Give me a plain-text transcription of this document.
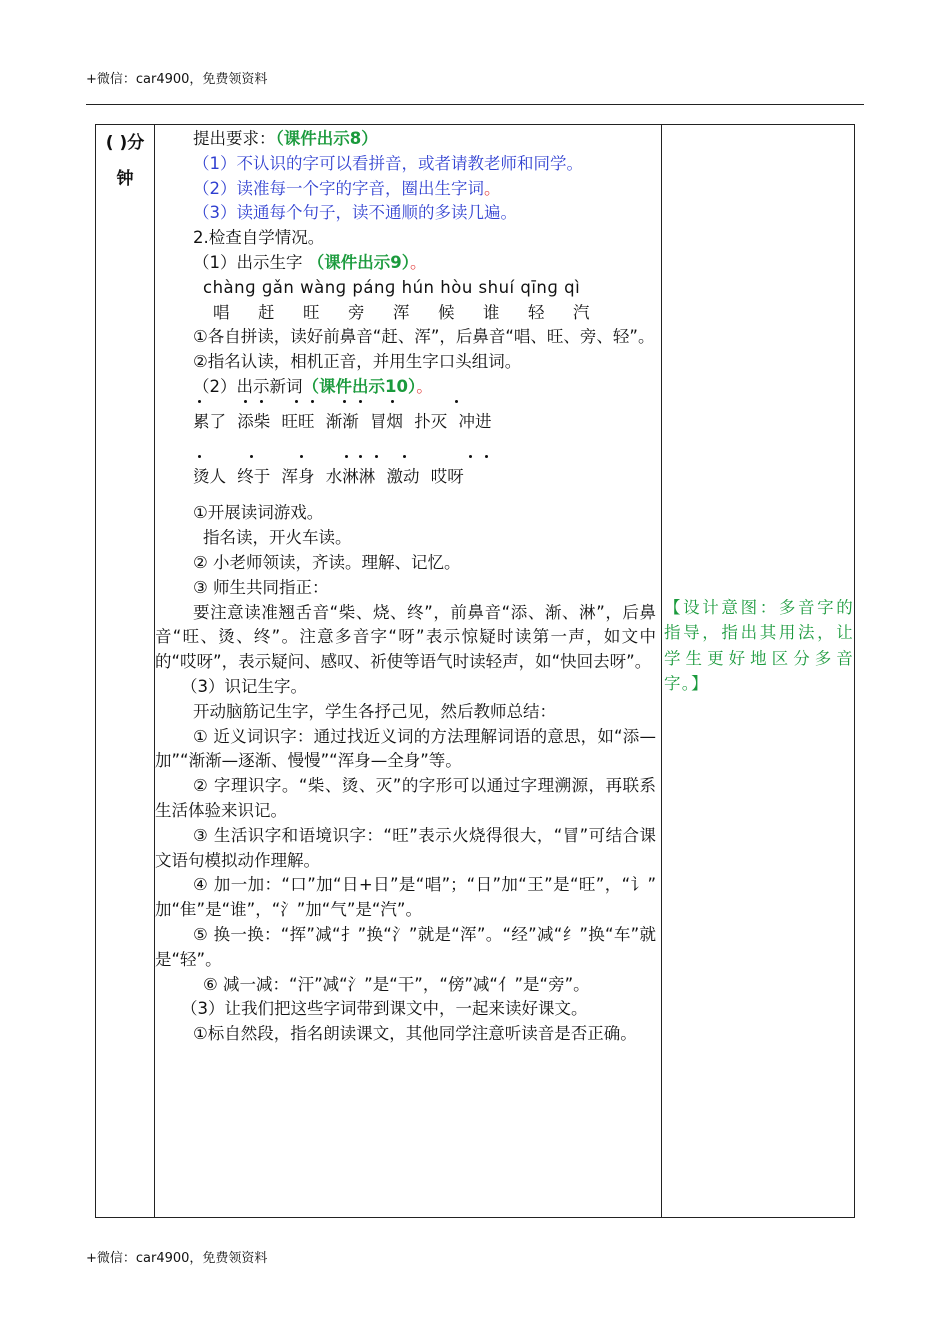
+微信：car4900，免费领资料
( )分
钟

提出要求：（课件出示8）

（1）不认识的字可以看拼音，或者请教老师和同学。

（2）读准每一个字的字音，圈出生字词。

（3）读通每个句子，读不通顺的多读几遍。

2.检查自学情况。

（1）出示生字 （课件出示9）。

chànɡ ɡǎn wànɡ pánɡ hún hòu shuí qīnɡ qì

唱 赶 旺 旁 浑 候 谁 轻 汽

①各自拼读，读好前鼻音“赶、浑”，后鼻音“唱、旺、旁、轻”。

②指名认读，相机正音，并用生字口头组词。

（2）出示新词（课件出示10）。

累了 添柴 旺旺 渐渐 冒烟 扑灭 冲进

烫人 终于 浑身 水淋淋 激动 哎呀

①开展读词游戏。

指名读，开火车读。

② 小老师领读，齐读。理解、记忆。

③ 师生共同指正：

要注意读准翘舌音“柴、烧、终”，前鼻音“添、渐、淋”，后鼻音“旺、烫、终”。注意多音字“呀”表示惊疑时读第一声，如文中的“哎呀”，表示疑问、感叹、祈使等语气时读轻声，如“快回去呀”。

（3）识记生字。

开动脑筋记生字，学生各抒己见，然后教师总结：

① 近义词识字：通过找近义词的方法理解词语的意思，如“添—加”“渐渐—逐渐、慢慢”“浑身—全身”等。

② 字理识字。“柴、烫、灭”的字形可以通过字理溯源，再联系生活体验来识记。

③ 生活识字和语境识字：“旺”表示火烧得很大，“冒”可结合课文语句模拟动作理解。

④ 加一加：“口”加“日+日”是“唱”；“日”加“王”是“旺”，“讠” 加“隹”是“谁”，“氵”加“气”是“汽”。

⑤ 换一换：“挥”减“扌”换“氵”就是“浑”。“经”减“纟”换“车”就是“轻”。

⑥ 减一减：“汗”减“氵”是“干”，“傍”减“亻”是“旁”。

（3）让我们把这些字词带到课文中，一起来读好课文。

①标自然段，指名朗读课文，其他同学注意听读音是否正确。

【设计意图：多音字的指导，指出其用法，让学生更好地区分多音字。】
+微信：car4900，免费领资料
